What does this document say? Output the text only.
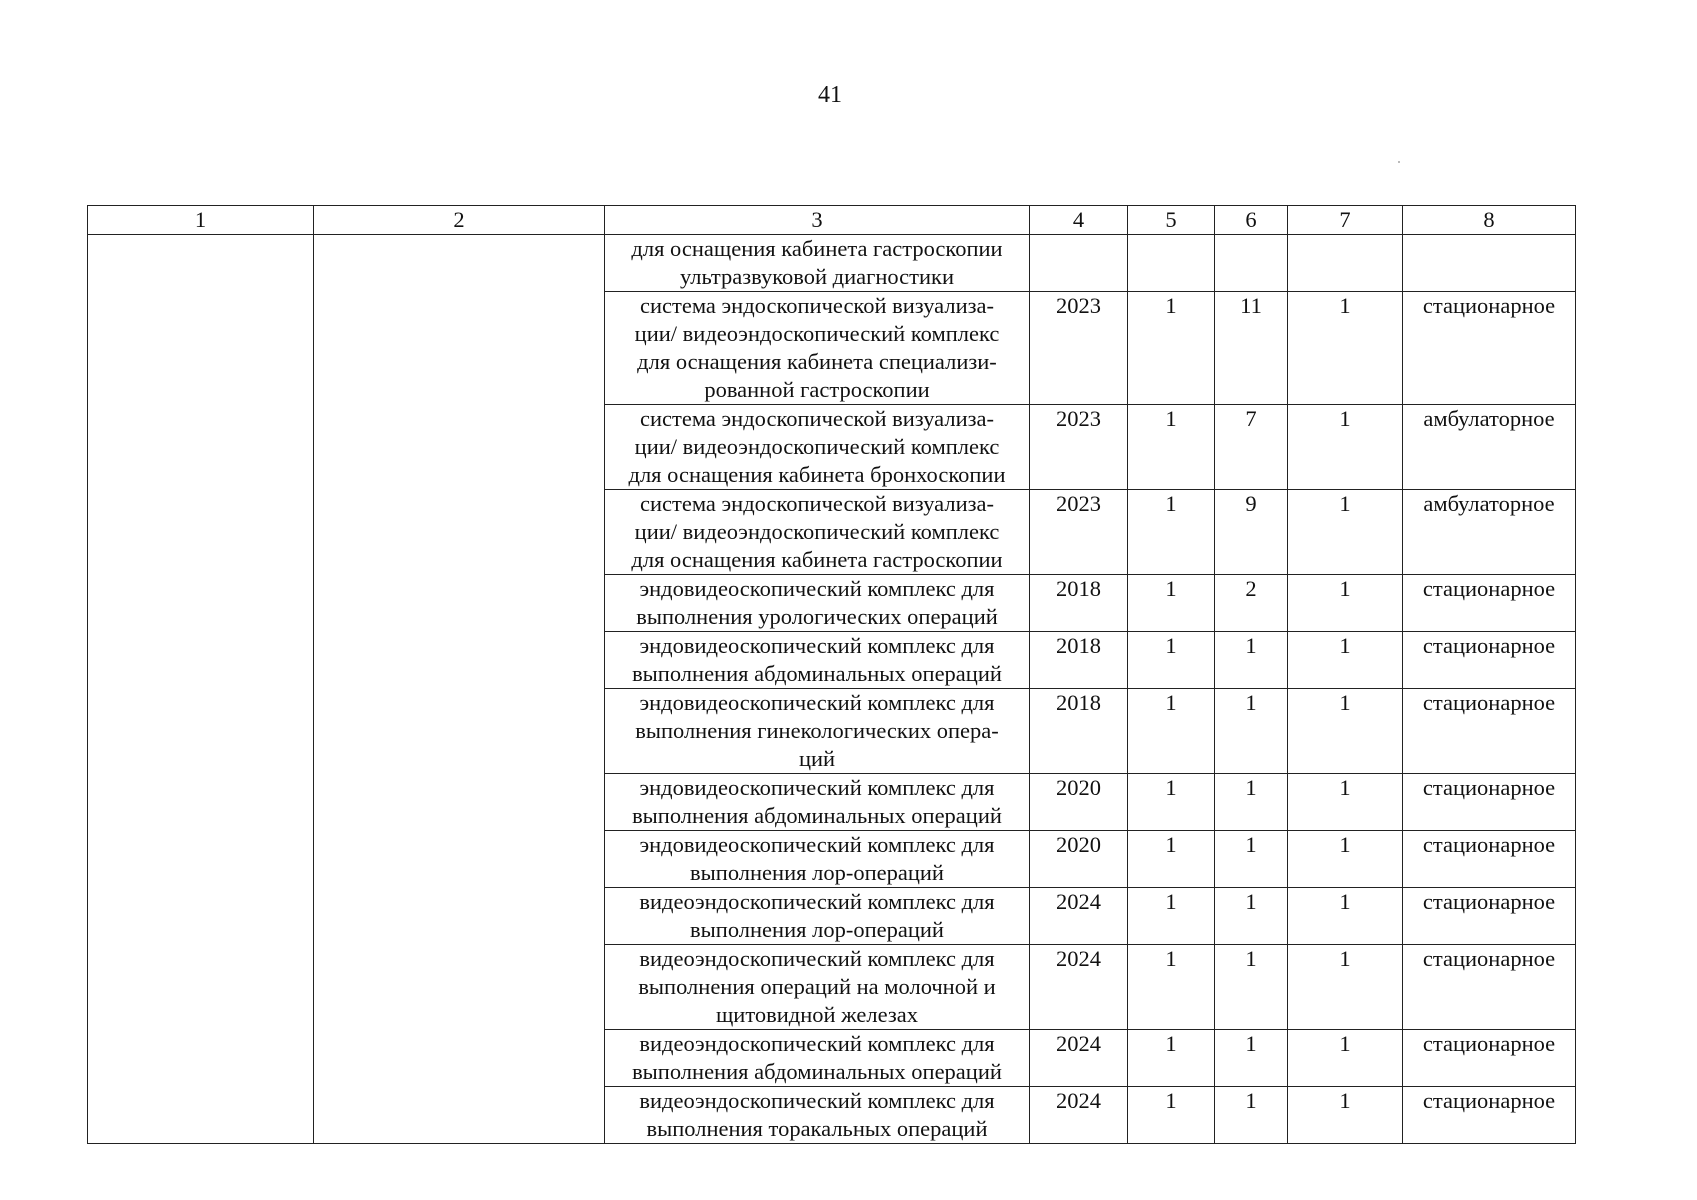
41
1	2	3	4	5	6	7	8

		для оснащения кабинета гастроскопии
ультразвуковой диагностики					

		система эндоскопической визуализа-
ции/ видеоэндоскопический комплекс
для оснащения кабинета специализи-
рованной гастроскопии	2023	1	11	1	стационарное

		система эндоскопической визуализа-
ции/ видеоэндоскопический комплекс
для оснащения кабинета бронхоскопии	2023	1	7	1	амбулаторное

		система эндоскопической визуализа-
ции/ видеоэндоскопический комплекс
для оснащения кабинета гастроскопии	2023	1	9	1	амбулаторное

		эндовидеоскопический комплекс для
выполнения урологических операций	2018	1	2	1	стационарное

		эндовидеоскопический комплекс для
выполнения абдоминальных операций	2018	1	1	1	стационарное

		эндовидеоскопический комплекс для
выполнения гинекологических опера-
ций	2018	1	1	1	стационарное

		эндовидеоскопический комплекс для
выполнения абдоминальных операций	2020	1	1	1	стационарное

		эндовидеоскопический комплекс для
выполнения лор-операций	2020	1	1	1	стационарное

		видеоэндоскопический комплекс для
выполнения лор-операций	2024	1	1	1	стационарное

		видеоэндоскопический комплекс для
выполнения операций на молочной и
щитовидной железах	2024	1	1	1	стационарное

		видеоэндоскопический комплекс для
выполнения абдоминальных операций	2024	1	1	1	стационарное

		видеоэндоскопический комплекс для
выполнения торакальных операций	2024	1	1	1	стационарное
